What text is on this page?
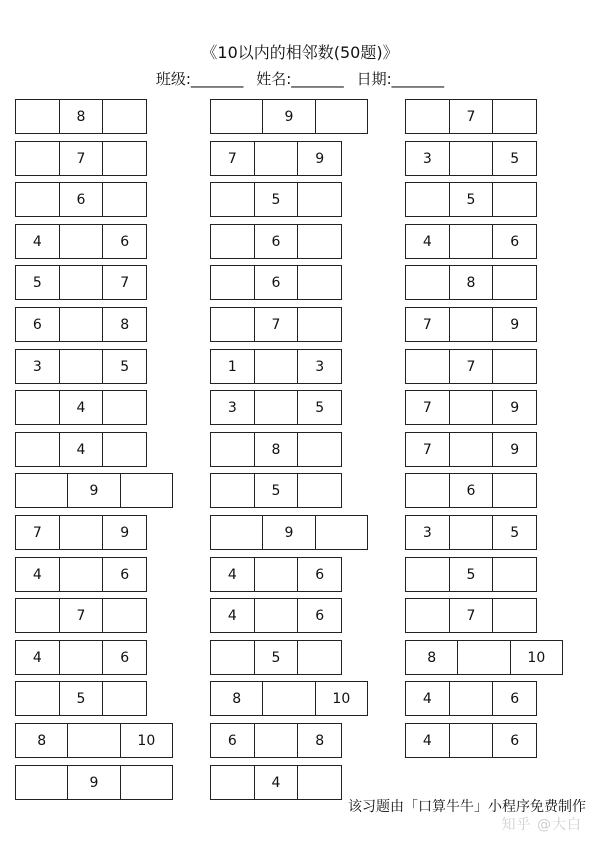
《10以内的相邻数(50题)》
班级:_______ 姓名:_______ 日期:_______
8
7
6
4	6
5	7
6	8
3	5
4
4
9
7	9
4	6
7
4	6
5
8	10
9
9
7	9
5
6
6
7
1	3
3	5
8
5
9
4	6
4	6
5
8	10
6	8
4
7
3	5
5
4	6
8
7	9
7
7	9
7	9
6
3	5
5
7
8	10
4	6
4	6
该习题由「口算牛牛」小程序免费制作
知乎 @大白
